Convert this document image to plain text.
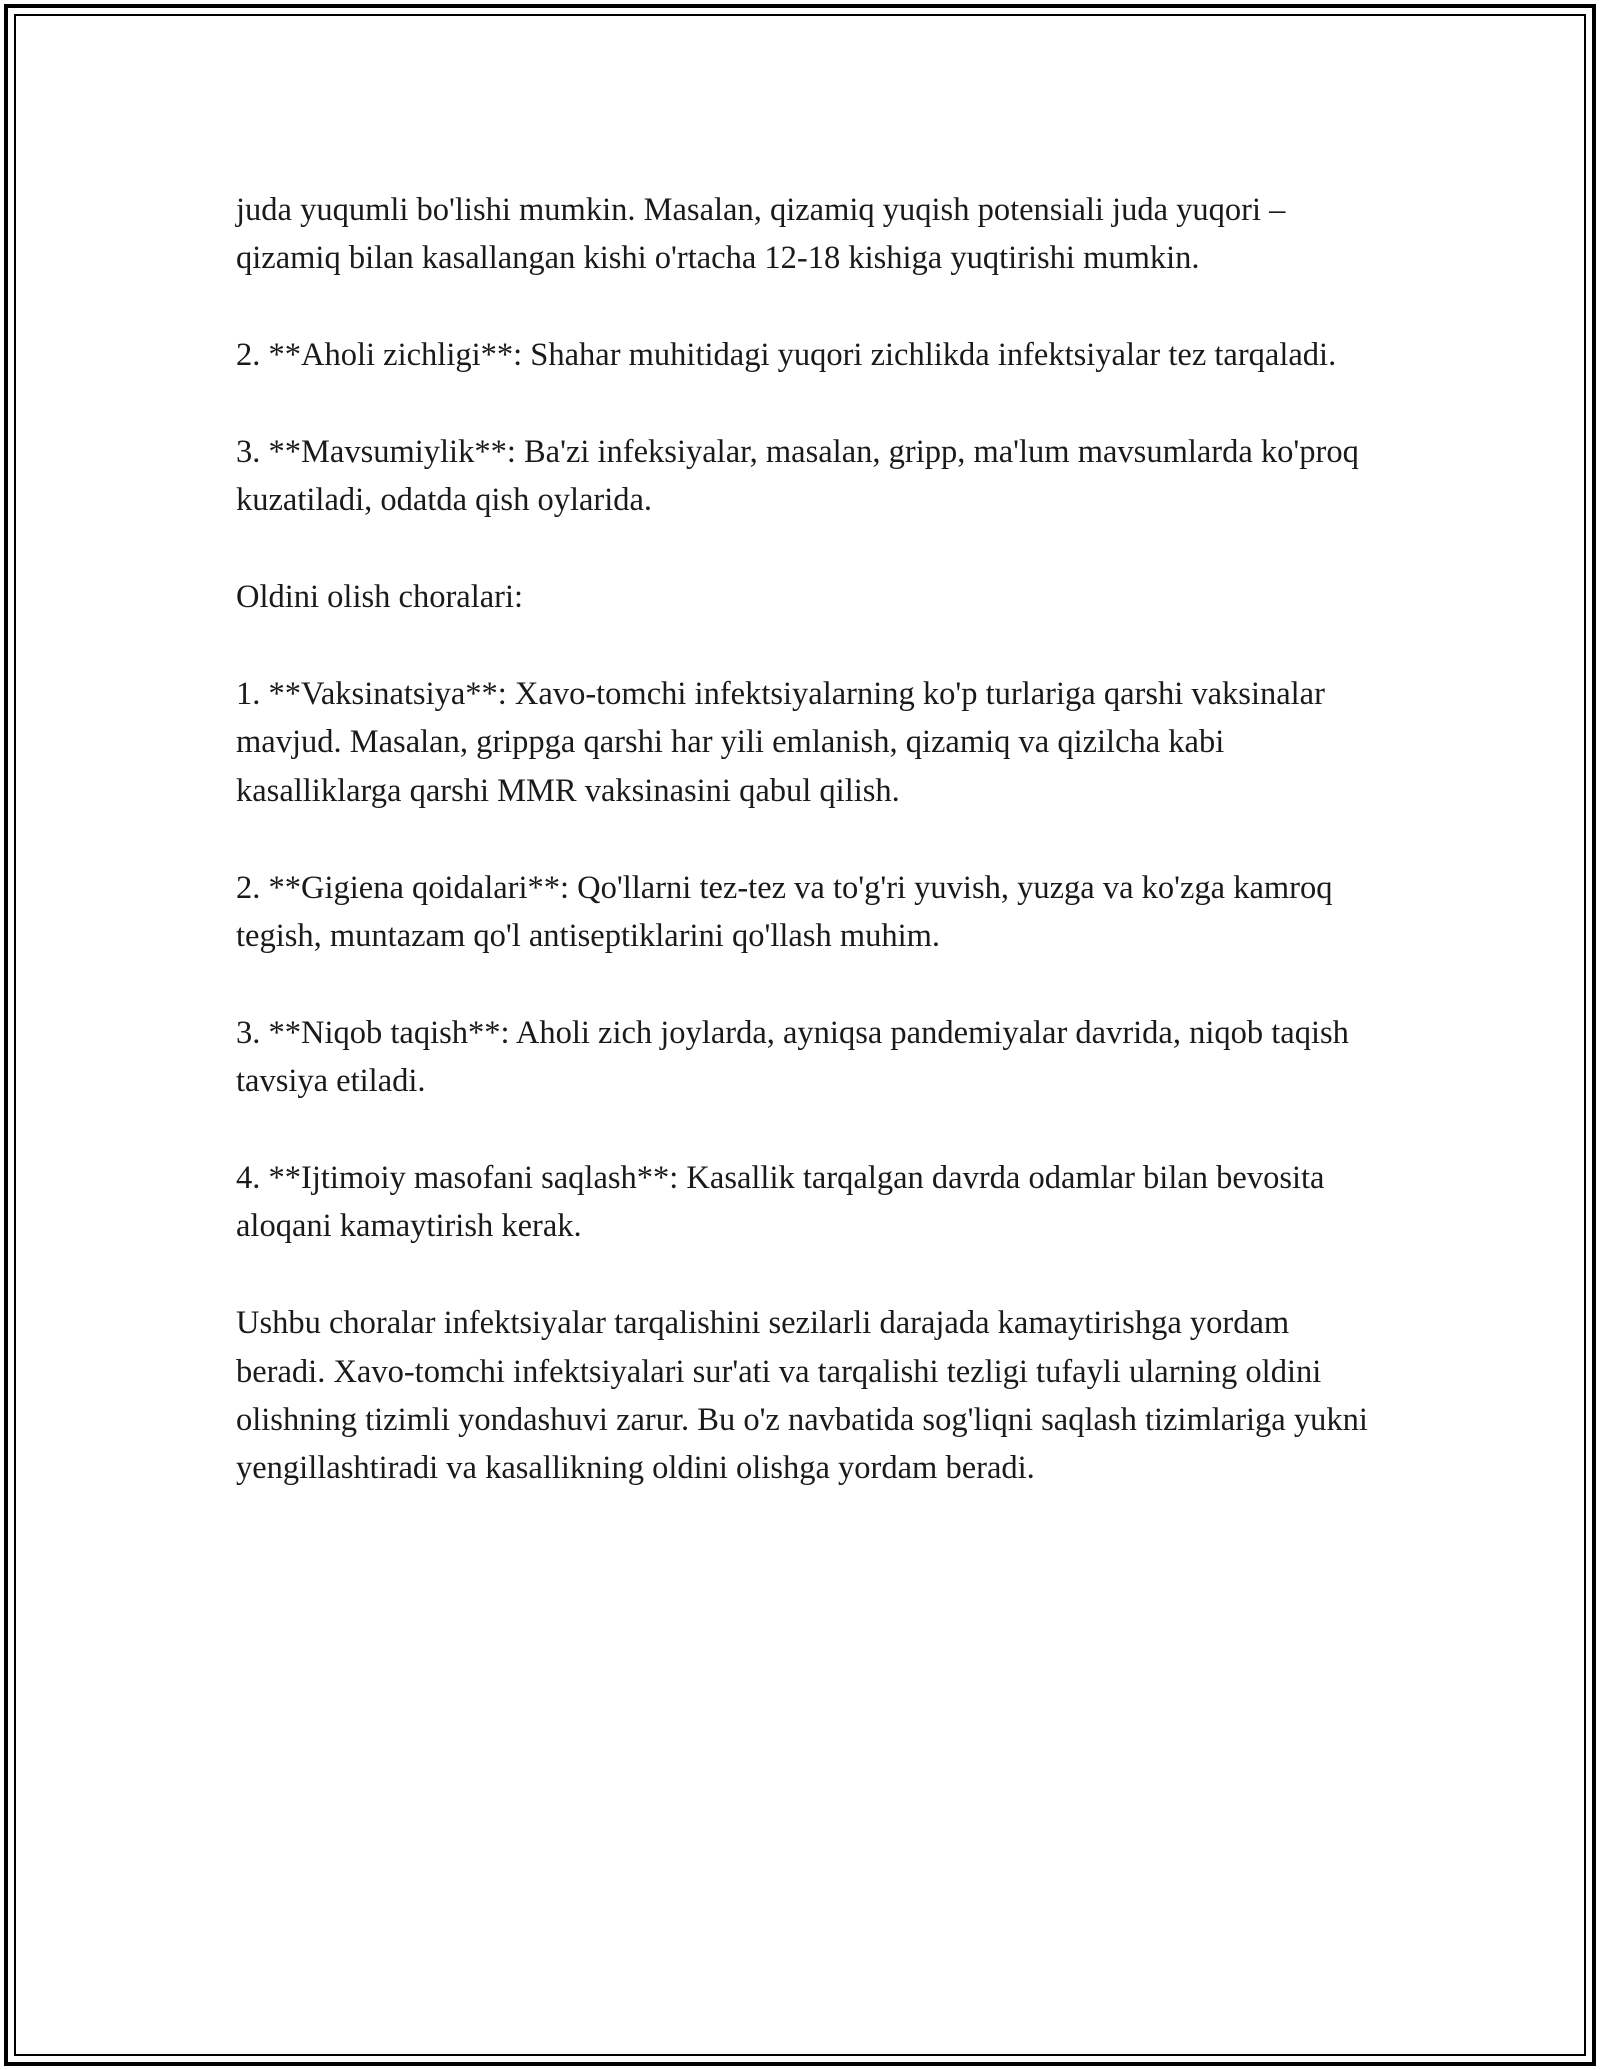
juda yuqumli bo'lishi mumkin. Masalan, qizamiq yuqish potensiali juda yuqori – qizamiq bilan kasallangan kishi o'rtacha 12-18 kishiga yuqtirishi mumkin.

2. **Aholi zichligi**: Shahar muhitidagi yuqori zichlikda infektsiyalar tez tarqaladi.

3. **Mavsumiylik**: Ba'zi infeksiyalar, masalan, gripp, ma'lum mavsumlarda ko'proq kuzatiladi, odatda qish oylarida.

Oldini olish choralari:

1. **Vaksinatsiya**: Xavo-tomchi infektsiyalarning ko'p turlariga qarshi vaksinalar mavjud. Masalan, grippga qarshi har yili emlanish, qizamiq va qizilcha kabi kasalliklarga qarshi MMR vaksinasini qabul qilish.

2. **Gigiena qoidalari**: Qo'llarni tez-tez va to'g'ri yuvish, yuzga va ko'zga kamroq tegish, muntazam qo'l antiseptiklarini qo'llash muhim.

3. **Niqob taqish**: Aholi zich joylarda, ayniqsa pandemiyalar davrida, niqob taqish tavsiya etiladi.

4. **Ijtimoiy masofani saqlash**: Kasallik tarqalgan davrda odamlar bilan bevosita aloqani kamaytirish kerak.

Ushbu choralar infektsiyalar tarqalishini sezilarli darajada kamaytirishga yordam beradi. Xavo-tomchi infektsiyalari sur'ati va tarqalishi tezligi tufayli ularning oldini olishning tizimli yondashuvi zarur. Bu o'z navbatida sog'liqni saqlash tizimlariga yukni yengillashtiradi va kasallikning oldini olishga yordam beradi.
